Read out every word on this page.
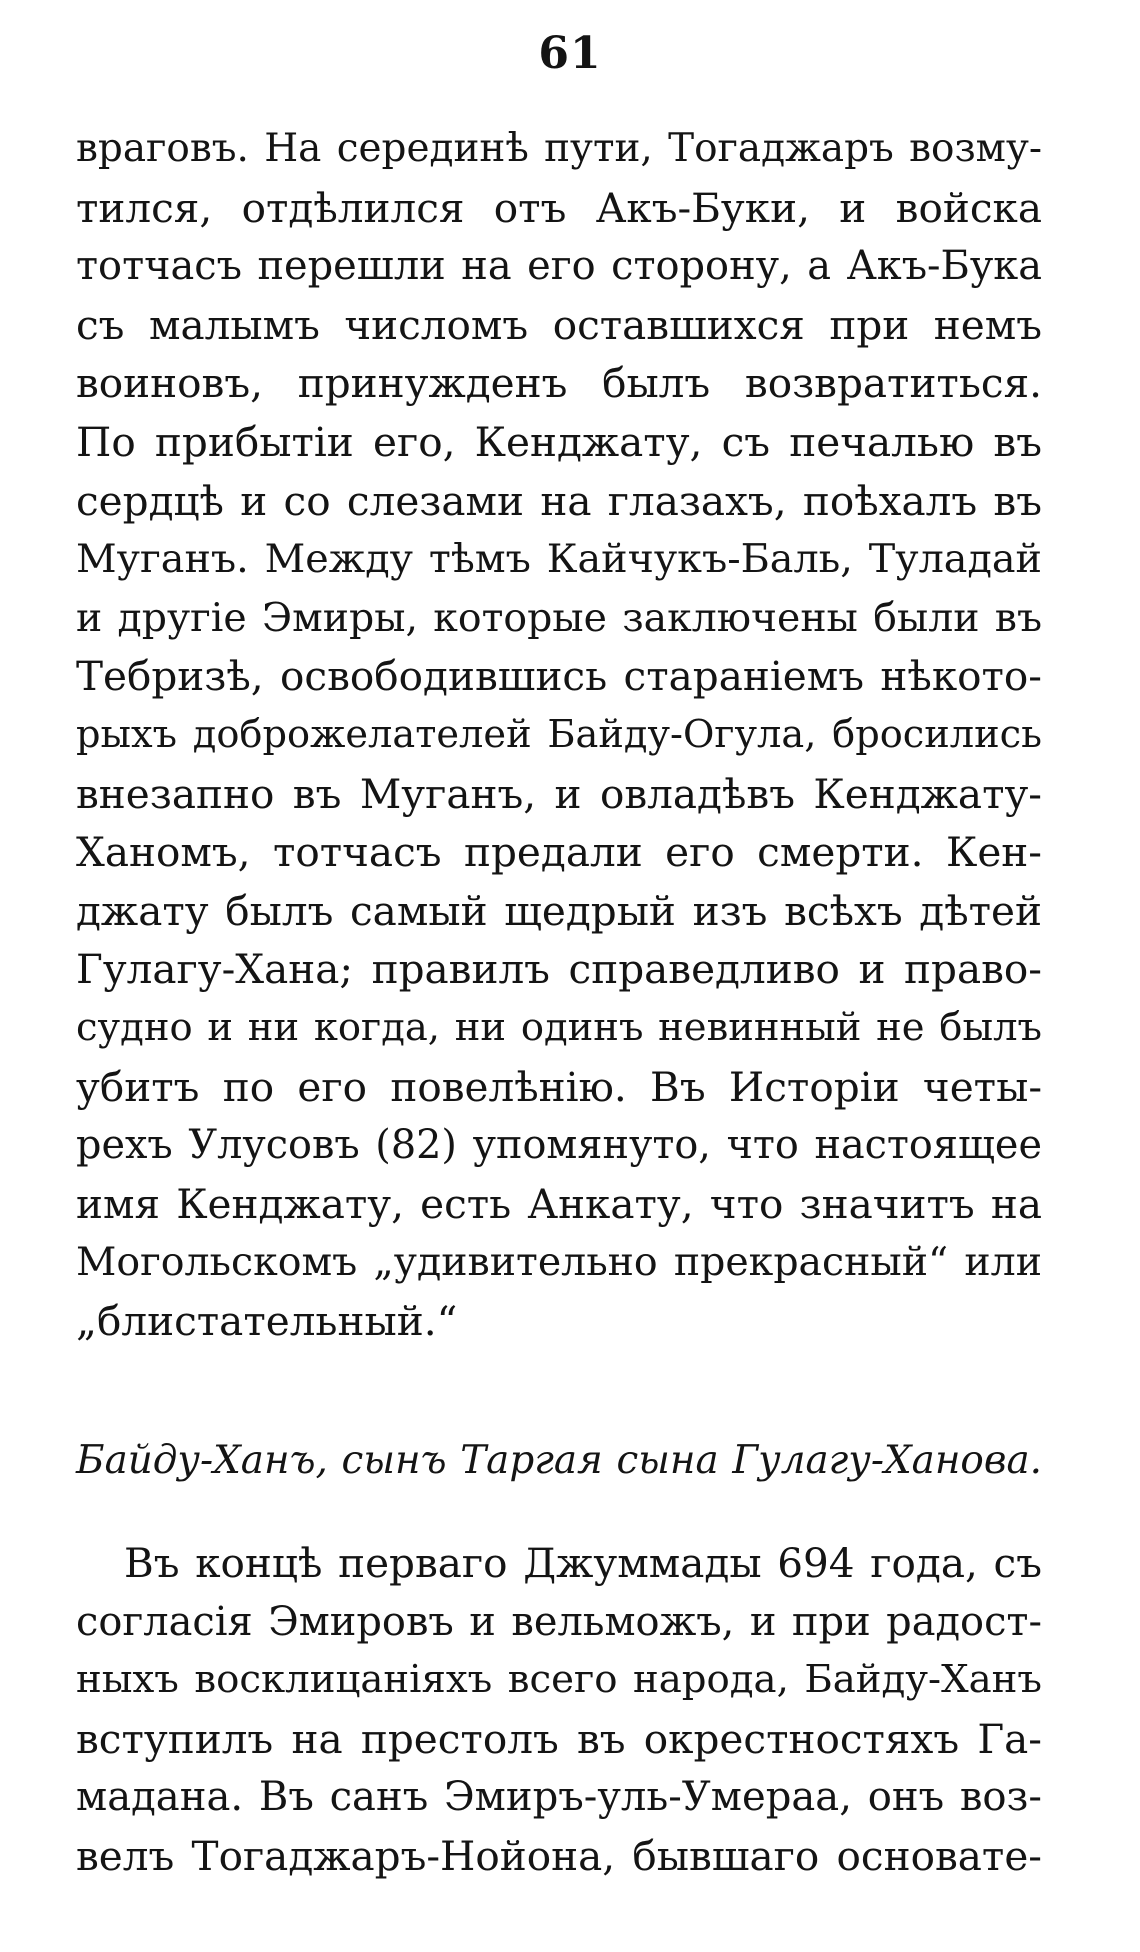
61
враговъ. На серединѣ пути, Тогаджаръ возму-
тился, отдѣлился отъ Акъ-Буки, и войска
тотчасъ перешли на его сторону, а Акъ-Бука
съ малымъ числомъ оставшихся при немъ
воиновъ, принужденъ былъ возвратиться.
По прибытіи его, Кенджату, съ печалью въ
сердцѣ и со слезами на глазахъ, поѣхалъ въ
Муганъ. Между тѣмъ Кайчукъ-Баль, Туладай
и другіе Эмиры, которые заключены были въ
Тебризѣ, освободившись стараніемъ нѣкото-
рыхъ доброжелателей Байду-Огула, бросились
внезапно въ Муганъ, и овладѣвъ Кенджату-
Ханомъ, тотчасъ предали его смерти. Кен-
джату былъ самый щедрый изъ всѣхъ дѣтей
Гулагу-Хана; правилъ справедливо и право-
судно и ни когда, ни одинъ невинный не былъ
убитъ по его повелѣнію. Въ Исторіи четы-
рехъ Улусовъ (82) упомянуто, что настоящее
имя Кенджату, есть Анкату, что значитъ на
Могольскомъ „удивительно прекрасный“ или
„блистательный.“
Байду-Ханъ, сынъ Таргая сына Гулагу-Ханова.
Въ концѣ перваго Джуммады 694 года, съ
согласія Эмировъ и вельможъ, и при радост-
ныхъ восклицаніяхъ всего народа, Байду-Ханъ
вступилъ на престолъ въ окрестностяхъ Га-
мадана. Въ санъ Эмиръ-уль-Умераа, онъ воз-
велъ Тогаджаръ-Нойона, бывшаго основате-
